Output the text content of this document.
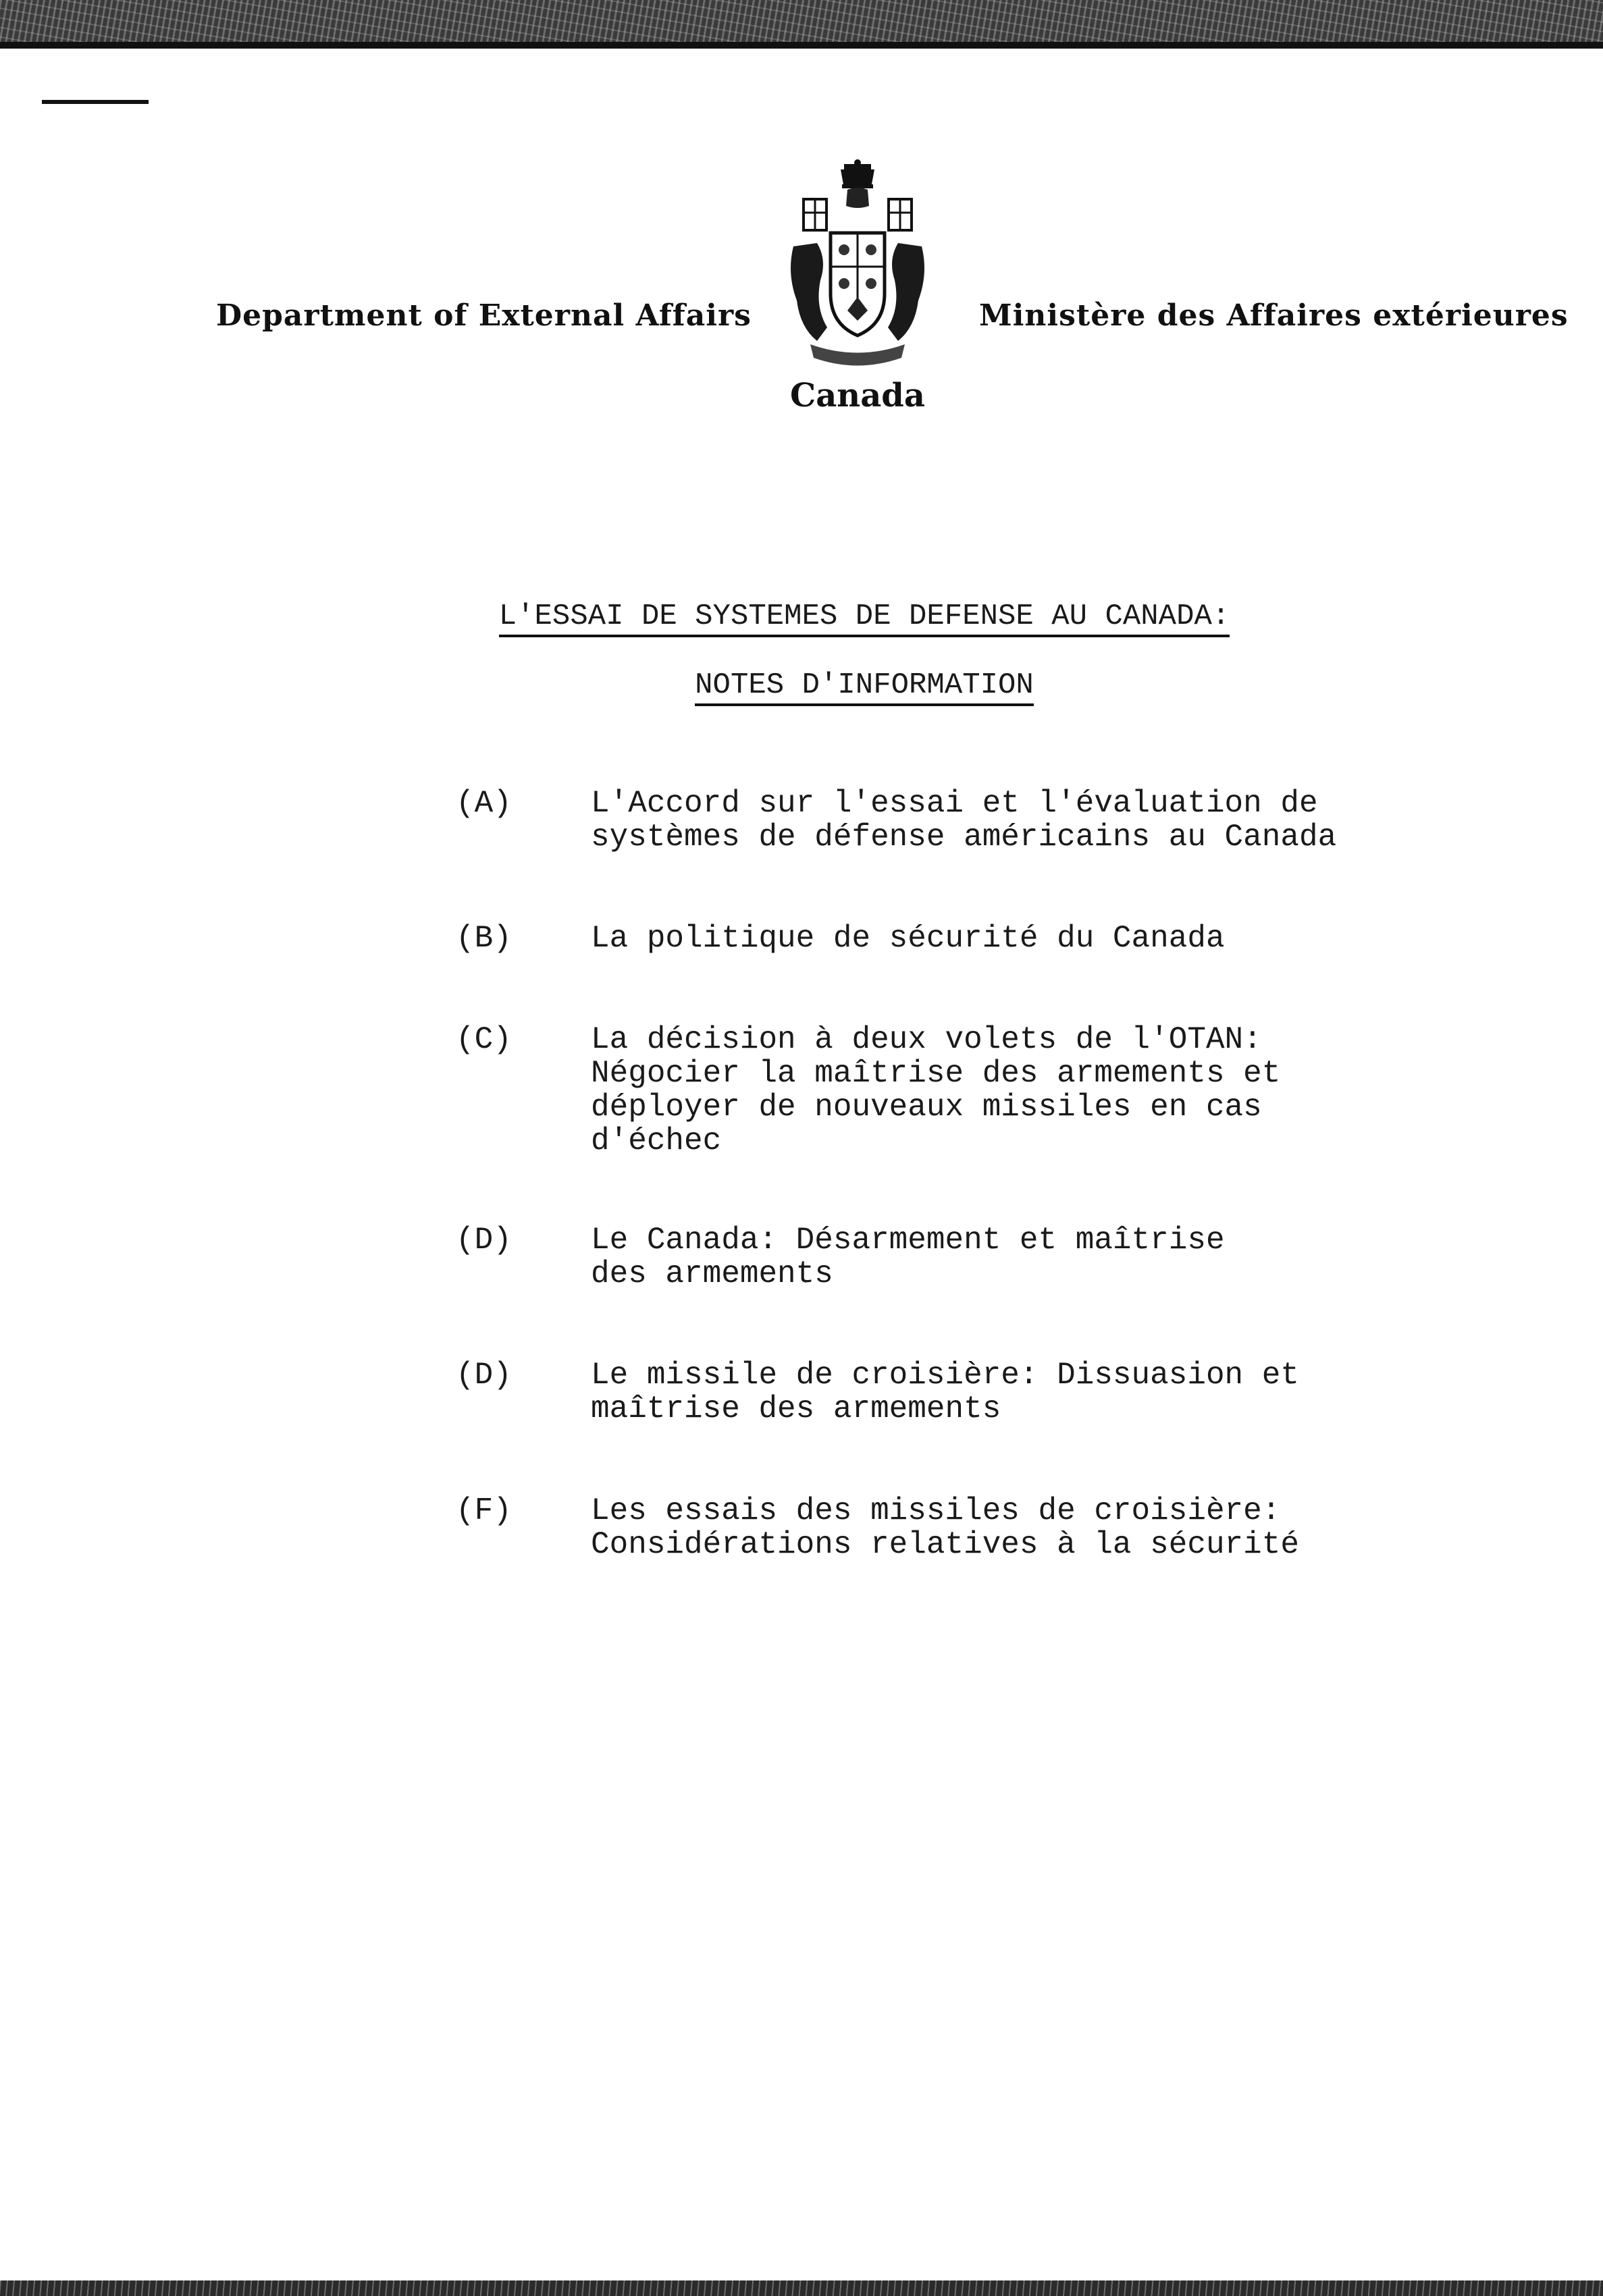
Department of External Affairs	Ministère des Affaires extérieures
Canada
L'ESSAI DE SYSTEMES DE DEFENSE AU CANADA:
NOTES D'INFORMATION
(A)	L'Accord sur l'essai et l'évaluation de
systèmes de défense américains au Canada
(B)	La politique de sécurité du Canada
(C)	La décision à deux volets de l'OTAN:
Négocier la maîtrise des armements et
déployer de nouveaux missiles en cas
d'échec
(D)	Le Canada: Désarmement et maîtrise
des armements
(D)	Le missile de croisière: Dissuasion et
maîtrise des armements
(F)	Les essais des missiles de croisière:
Considérations relatives à la sécurité
